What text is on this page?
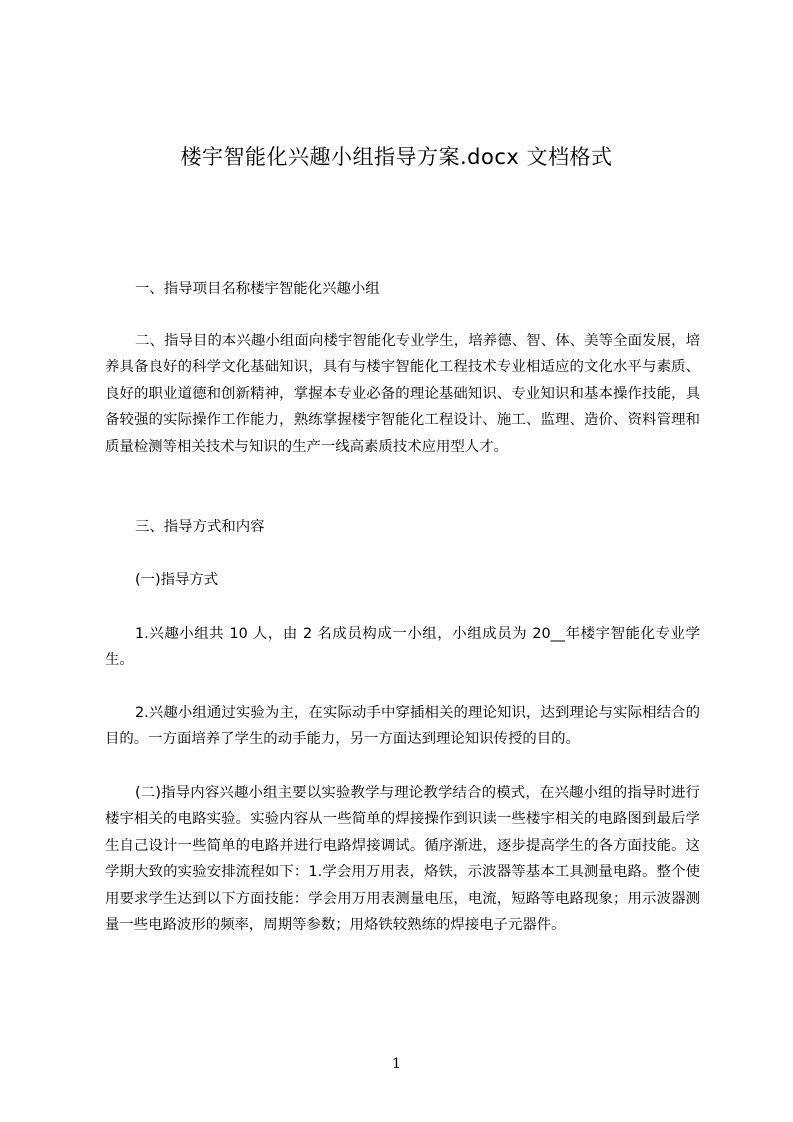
楼宇智能化兴趣小组指导方案.docx 文档格式

一、指导项目名称楼宇智能化兴趣小组

二、指导目的本兴趣小组面向楼宇智能化专业学生，培养德、智、体、美等全面发展，培养具备良好的科学文化基础知识，具有与楼宇智能化工程技术专业相适应的文化水平与素质、良好的职业道德和创新精神，掌握本专业必备的理论基础知识、专业知识和基本操作技能，具备较强的实际操作工作能力，熟练掌握楼宇智能化工程设计、施工、监理、造价、资料管理和质量检测等相关技术与知识的生产一线高素质技术应用型人才。

三、指导方式和内容

(一)指导方式

1.兴趣小组共 10 人，由 2 名成员构成一小组，小组成员为 20__年楼宇智能化专业学生。

2.兴趣小组通过实验为主，在实际动手中穿插相关的理论知识，达到理论与实际相结合的目的。一方面培养了学生的动手能力，另一方面达到理论知识传授的目的。

(二)指导内容兴趣小组主要以实验教学与理论教学结合的模式，在兴趣小组的指导时进行楼宇相关的电路实验。实验内容从一些简单的焊接操作到识读一些楼宇相关的电路图到最后学生自己设计一些简单的电路并进行电路焊接调试。循序渐进，逐步提高学生的各方面技能。这学期大致的实验安排流程如下：1.学会用万用表，烙铁，示波器等基本工具测量电路。整个使用要求学生达到以下方面技能：学会用万用表测量电压，电流，短路等电路现象；用示波器测量一些电路波形的频率，周期等参数；用烙铁较熟练的焊接电子元器件。

1
